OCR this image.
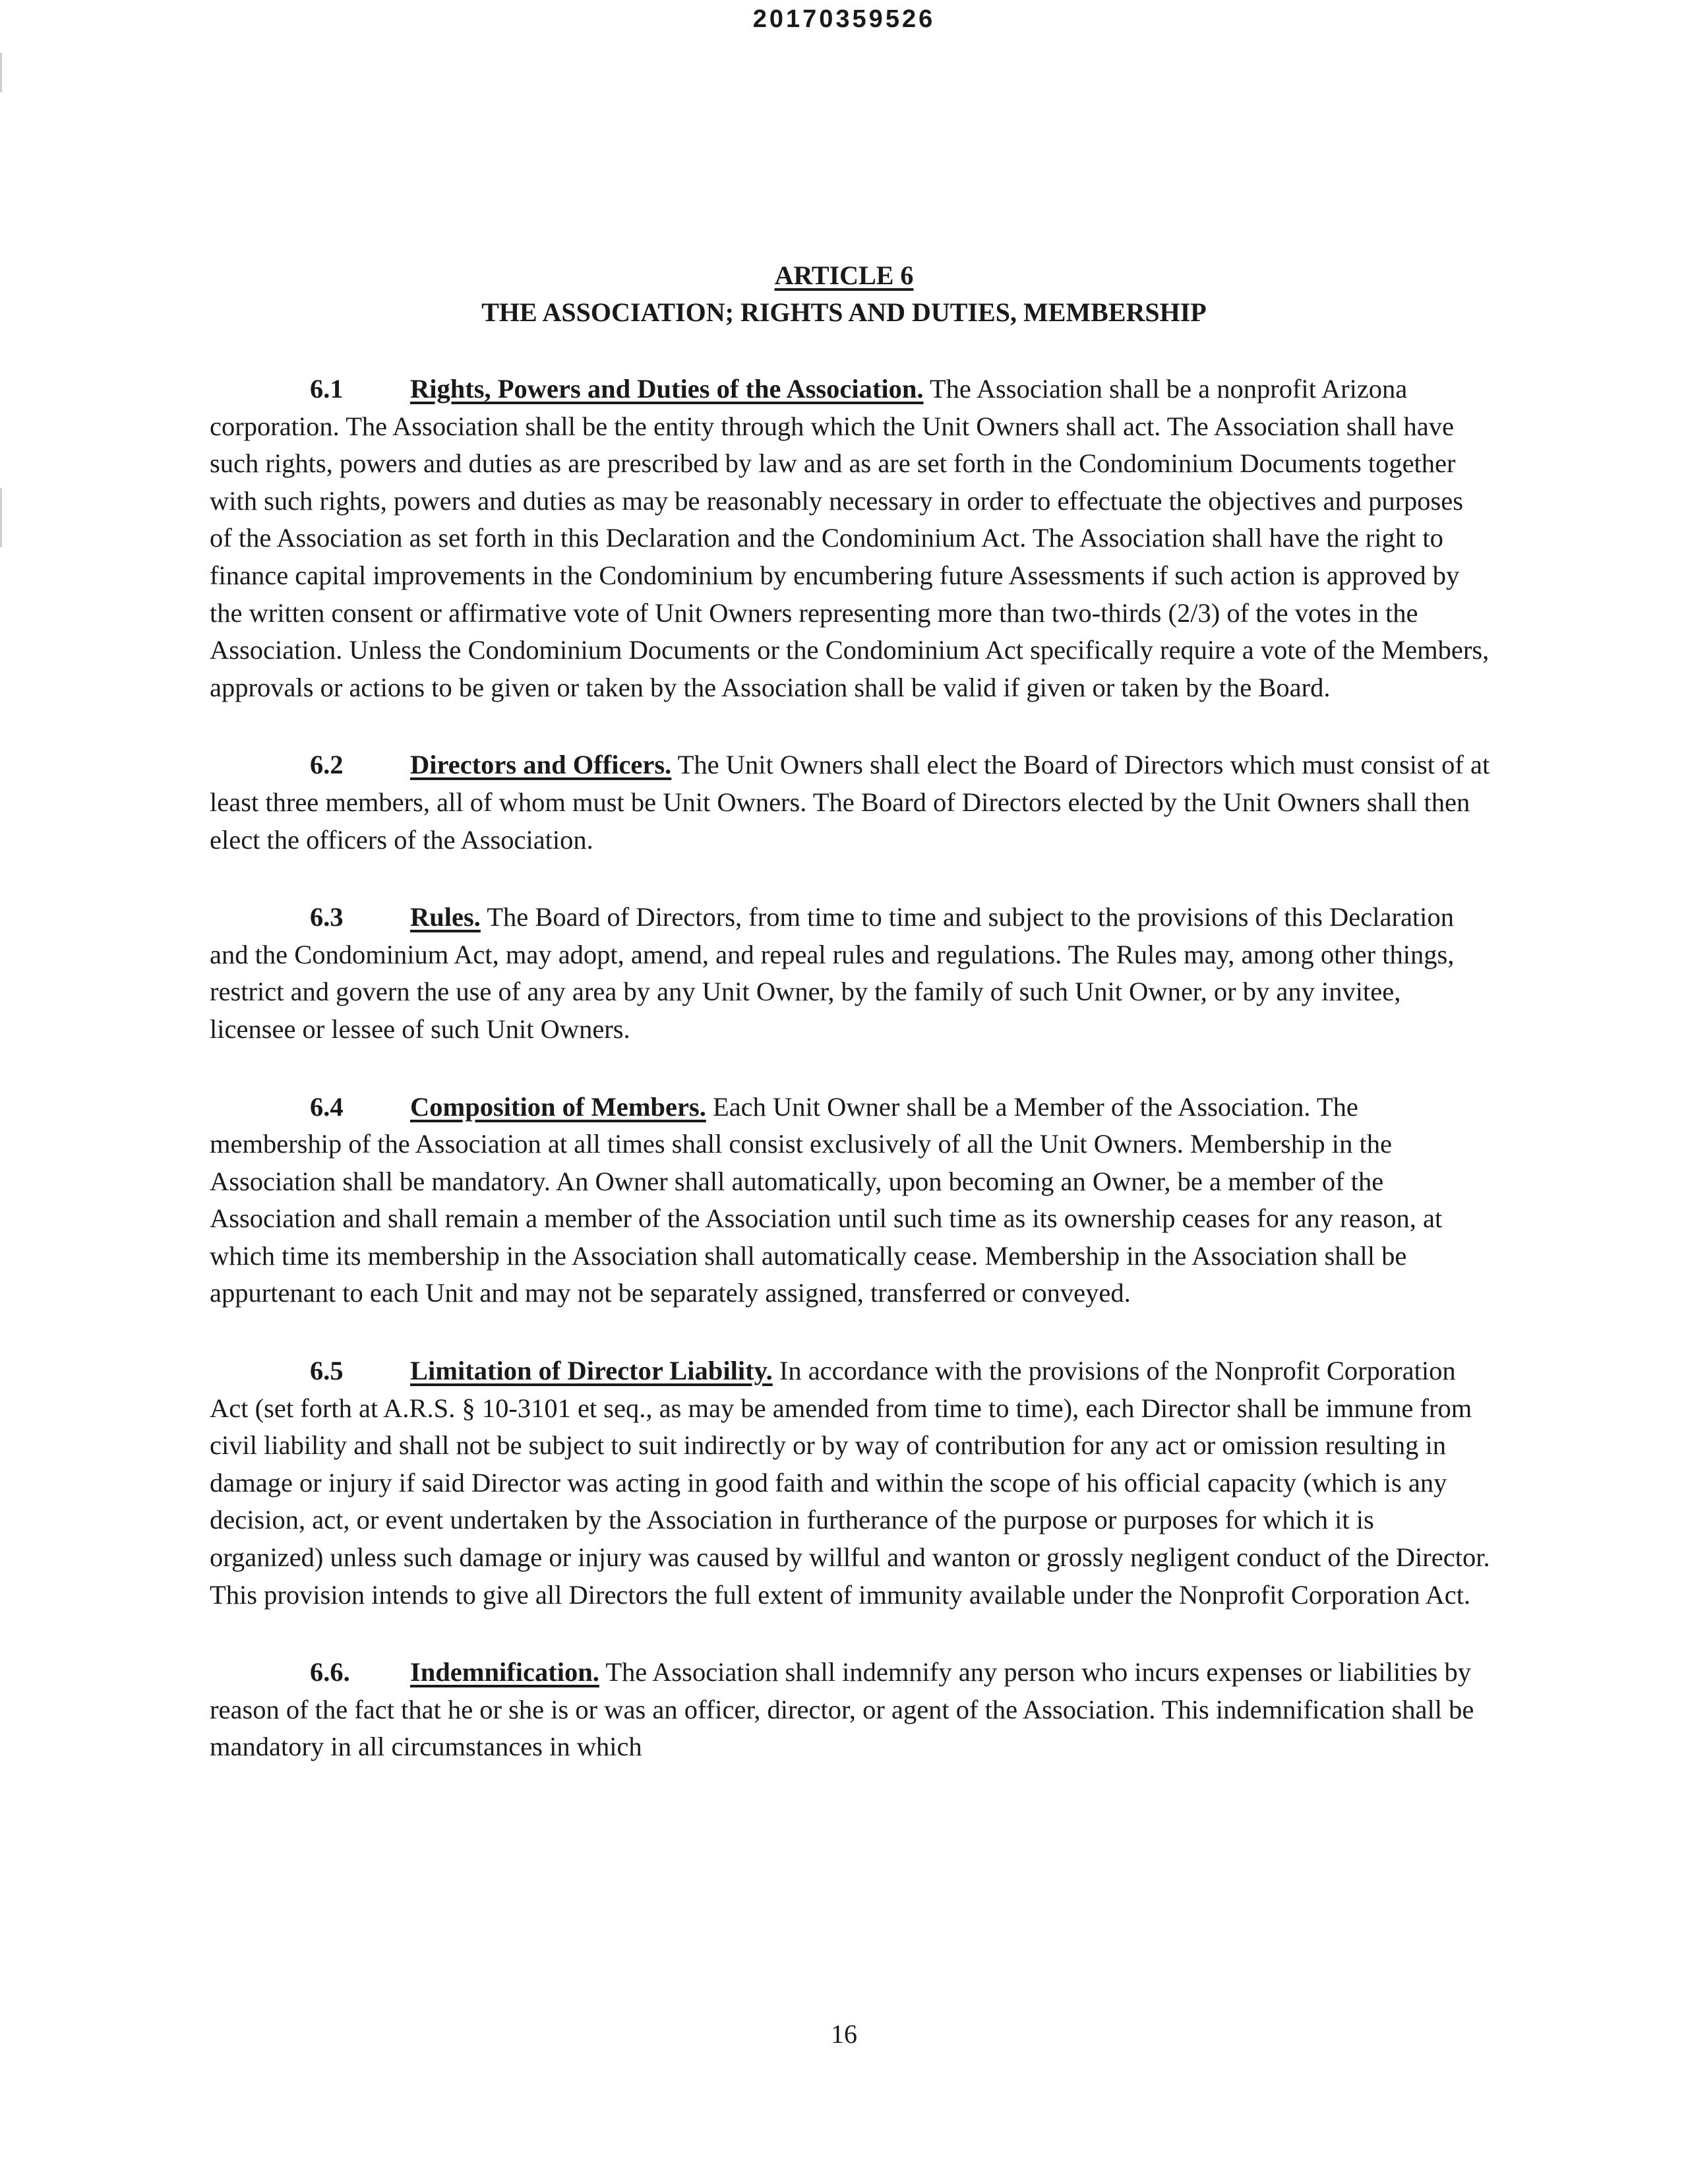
20170359526
ARTICLE 6
THE ASSOCIATION; RIGHTS AND DUTIES, MEMBERSHIP

6.1	Rights, Powers and Duties of the Association. The Association shall be a nonprofit Arizona corporation. The Association shall be the entity through which the Unit Owners shall act. The Association shall have such rights, powers and duties as are prescribed by law and as are set forth in the Condominium Documents together with such rights, powers and duties as may be reasonably necessary in order to effectuate the objectives and purposes of the Association as set forth in this Declaration and the Condominium Act. The Association shall have the right to finance capital improvements in the Condominium by encumbering future Assessments if such action is approved by the written consent or affirmative vote of Unit Owners representing more than two-thirds (2/3) of the votes in the Association. Unless the Condominium Documents or the Condominium Act specifically require a vote of the Members, approvals or actions to be given or taken by the Association shall be valid if given or taken by the Board.

6.2	Directors and Officers. The Unit Owners shall elect the Board of Directors which must consist of at least three members, all of whom must be Unit Owners. The Board of Directors elected by the Unit Owners shall then elect the officers of the Association.

6.3	Rules. The Board of Directors, from time to time and subject to the provisions of this Declaration and the Condominium Act, may adopt, amend, and repeal rules and regulations. The Rules may, among other things, restrict and govern the use of any area by any Unit Owner, by the family of such Unit Owner, or by any invitee, licensee or lessee of such Unit Owners.

6.4	Composition of Members. Each Unit Owner shall be a Member of the Association. The membership of the Association at all times shall consist exclusively of all the Unit Owners. Membership in the Association shall be mandatory. An Owner shall automatically, upon becoming an Owner, be a member of the Association and shall remain a member of the Association until such time as its ownership ceases for any reason, at which time its membership in the Association shall automatically cease. Membership in the Association shall be appurtenant to each Unit and may not be separately assigned, transferred or conveyed.

6.5	Limitation of Director Liability. In accordance with the provisions of the Nonprofit Corporation Act (set forth at A.R.S. § 10-3101 et seq., as may be amended from time to time), each Director shall be immune from civil liability and shall not be subject to suit indirectly or by way of contribution for any act or omission resulting in damage or injury if said Director was acting in good faith and within the scope of his official capacity (which is any decision, act, or event undertaken by the Association in furtherance of the purpose or purposes for which it is organized) unless such damage or injury was caused by willful and wanton or grossly negligent conduct of the Director. This provision intends to give all Directors the full extent of immunity available under the Nonprofit Corporation Act.

6.6. Indemnification. The Association shall indemnify any person who incurs expenses or liabilities by reason of the fact that he or she is or was an officer, director, or agent of the Association. This indemnification shall be mandatory in all circumstances in which

16
